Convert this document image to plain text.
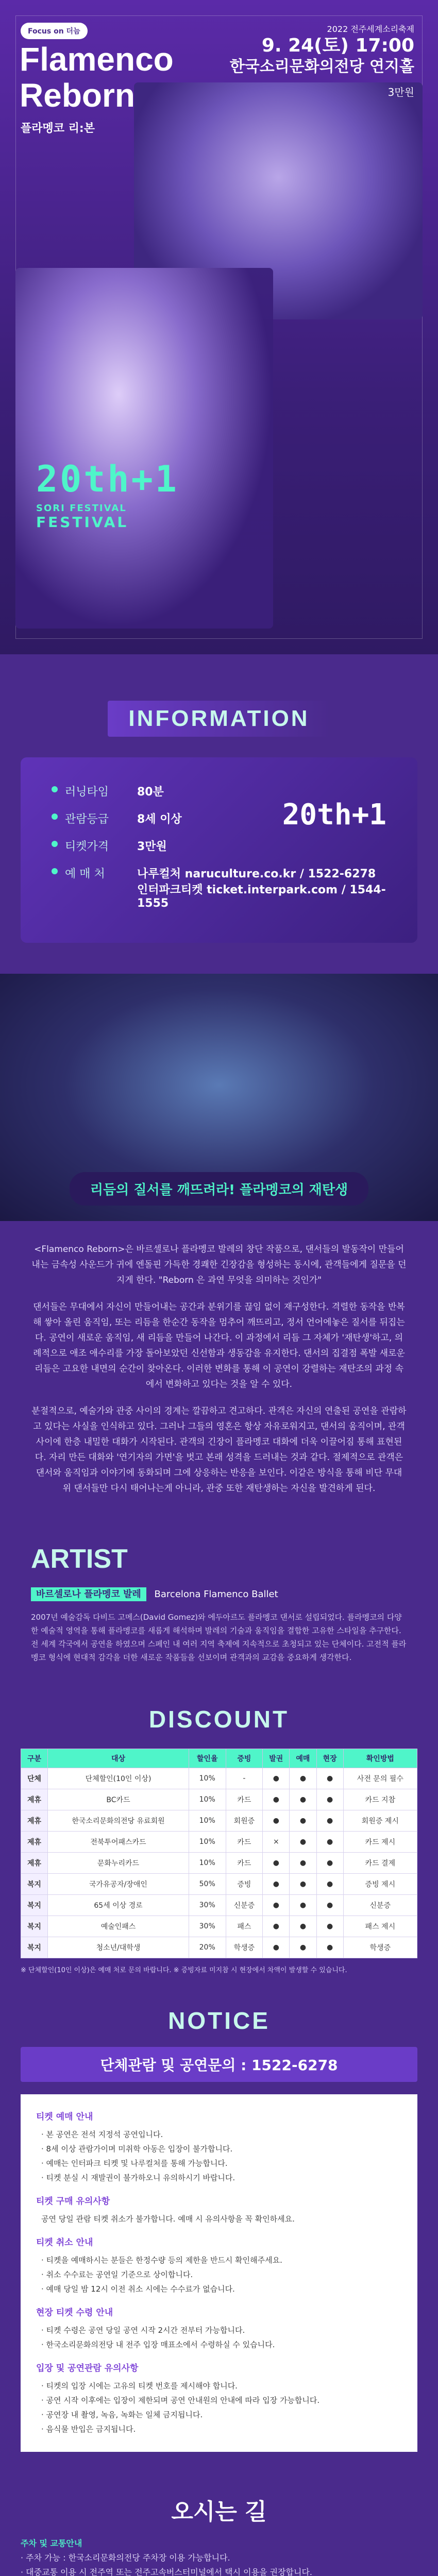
Focus on 더늠
Flamenco
Reborn
플라멩코 리:본
2022 전주세계소리축제
9. 24(토) 17:00
한국소리문화의전당 연지홀
3만원
20th+1
SORI FESTIVAL
FESTIVAL
INFORMATION
러닝타임	80분
관람등급	8세 이상
티켓가격	3만원
예 매 처	나루컬처 naruculture.co.kr / 1522-6278
인터파크티켓 ticket.interpark.com / 1544-1555
20th+1
리듬의 질서를 깨뜨려라! 플라멩코의 재탄생

<Flamenco Reborn>은 바르셀로나 플라멩코 발레의 창단 작품으로, 댄서들의 발동작이 만들어내는 금속성 사운드가 귀에 엔돌핀 가득한 경쾌한 긴장감을 형성하는 동시에, 관객들에게 질문을 던지게 한다. "Reborn 은 과연 무엇을 의미하는 것인가"

댄서들은 무대에서 자신이 만들어내는 공간과 분위기를 끊임 없이 재구성한다. 격렬한 동작을 반복해 쌓아 올린 움직임, 또는 리듬을 한순간 동작을 멈추어 깨뜨리고, 정서 언어에놓은 질서를 뒤집는다. 공연이 새로운 움직임, 새 리듬을 만들어 나간다. 이 과정에서 리듬 그 자체가 '재탄생'하고, 의례적으로 애조 애수리를 가장 돌아보았던 신선함과 생동감을 유지한다. 댄서의 집결점 폭발 새로운 리듬은 고요한 내면의 순간이 찾아온다. 이러한 변화를 통해 이 공연이 강렬하는 재탄조의 과정 속에서 변화하고 있다는 것을 알 수 있다.

분절적으로, 예술가와 관중 사이의 경계는 깔끔하고 견고하다. 관객은 자신의 연출된 공연을 관람하고 있다는 사실을 인식하고 있다. 그러나 그들의 영혼은 항상 자유로워지고, 댄서의 움직이며, 관객 사이에 한층 내밀한 대화가 시작된다. 관객의 긴장이 플라멩코 대화에 더욱 이끌어짐 통해 표현된다. 자리 만든 대화와 '연기자의 가면'을 벗고 본래 성격을 드러내는 것과 같다. 절제적으로 관객은 댄서와 움직임과 이야기에 동화되며 그에 상응하는 반응을 보인다. 이같은 방식을 통해 비단 무대 위 댄서들만 다시 태어나는게 아니라, 관중 또한 재탄생하는 자신을 발견하게 된다.

ARTIST
바르셀로나 플라멩코 발레 Barcelona Flamenco Ballet
2007년 예술감독 다비드 고메스(David Gomez)와 에두아르도 플라멩코 댄서로 설립되었다. 플라멩코의 다양한 예술적 영역을 통해 플라멩코를 새롭게 해석하며 발레의 기술과 움직임을 결합한 고유한 스타일을 추구한다. 전 세계 각국에서 공연을 하였으며 스페인 내 여러 지역 축제에 지속적으로 초청되고 있는 단체이다. 고전적 플라멩코 형식에 현대적 감각을 더한 새로운 작품들을 선보이며 관객과의 교감을 중요하게 생각한다.
DISCOUNT
구분	대상	할인율	증빙	발권	예매	현장	확인방법
단체	단체할인(10인 이상)	10%	-	●	●	●	사전 문의 필수
제휴	BC카드	10%	카드	●	●	●	카드 지참
제휴	한국소리문화의전당 유료회원	10%	회원증	●	●	●	회원증 제시
제휴	전북투어패스카드	10%	카드	×	●	●	카드 제시
제휴	문화누리카드	10%	카드	●	●	●	카드 결제
복지	국가유공자/장애인	50%	증빙	●	●	●	증빙 제시
복지	65세 이상 경로	30%	신분증	●	●	●	신분증
복지	예술인패스	30%	패스	●	●	●	패스 제시
복지	청소년/대학생	20%	학생증	●	●	●	학생증
※ 단체할인(10인 이상)은 예매 처로 문의 바랍니다. ※ 증빙자료 미지참 시 현장에서 차액이 발생할 수 있습니다.
NOTICE
단체관람 및 공연문의 : 1522-6278
티켓 예매 안내
· 본 공연은 전석 지정석 공연입니다.
· 8세 이상 관람가이며 미취학 아동은 입장이 불가합니다.
· 예매는 인터파크 티켓 및 나루컬처를 통해 가능합니다.
· 티켓 분실 시 재발권이 불가하오니 유의하시기 바랍니다.
티켓 구매 유의사항
공연 당일 관람 티켓 취소가 불가합니다. 예매 시 유의사항을 꼭 확인하세요.
티켓 취소 안내
· 티켓을 예매하시는 분들은 한정수량 등의 제한을 반드시 확인해주세요.
· 취소 수수료는 공연일 기준으로 상이합니다.
· 예매 당일 밤 12시 이전 취소 시에는 수수료가 없습니다.
현장 티켓 수령 안내
· 티켓 수령은 공연 당일 공연 시작 2시간 전부터 가능합니다.
· 한국소리문화의전당 내 전주 입장 매표소에서 수령하실 수 있습니다.
입장 및 공연관람 유의사항
· 티켓의 입장 시에는 고유의 티켓 번호를 제시해야 합니다.
· 공연 시작 이후에는 입장이 제한되며 공연 안내원의 안내에 따라 입장 가능합니다.
· 공연장 내 촬영, 녹음, 녹화는 일체 금지됩니다.
· 음식물 반입은 금지됩니다.
오시는 길
주차 및 교통안내
· 주차 가능 : 한국소리문화의전당 주차장 이용 가능합니다.
· 대중교통 이용 시 전주역 또는 전주고속버스터미널에서 택시 이용을 권장합니다.
